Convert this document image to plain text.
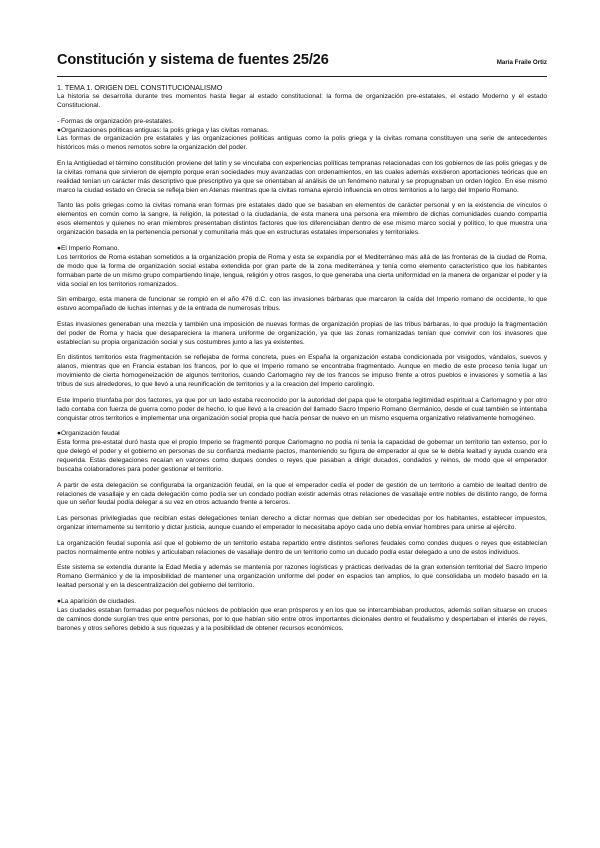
Constitución y sistema de fuentes 25/26	María Fraile Ortiz
1. TEMA 1. ORIGEN DEL CONSTITUCIONALISMO
La historia se desarrolla durante tres momentos hasta llegar al estado constitucional: la forma de organización pre-estatales, el estado Moderno y el estado Constitucional.
- Formas de organización pre-estatales.
●Organizaciones políticas antiguas: la polis griega y las civitas romanas.
Las formas de organización pre estatales y las organizaciones políticas antiguas como la polis griega y la civitas romana constituyen una serie de antecedentes históricos más o menos remotos sobre la organización del poder.
En la Antigüedad el término constitución proviene del latín y se vinculaba con experiencias políticas tempranas relacionadas con los gobiernos de las polis griegas y de la civitas romana que sirvieron de ejemplo porque eran sociedades muy avanzadas con ordenamientos, en las cuales además existieron aportaciones teóricas que en realidad tenían un carácter más descriptivo que prescriptivo ya que se orientaban al análisis de un fenómeno natural y se propugnaban un orden lógico. En ese mismo marco la ciudad estado en Grecia se refleja bien en Atenas mientras que la civitas romana ejerció influencia en otros territorios a lo largo del Imperio Romano.
Tanto las polis griegas como la civitas romana eran formas pre estatales dado que se basaban en elementos de carácter personal y en la existencia de vínculos o elementos en común como la sangre, la religión, la potestad o la ciudadanía, de esta manera una persona era miembro de dichas comunidades cuando compartía esos elementos y quienes no eran miembros presentaban distintos factores que los diferenciaban dentro de ese mismo marco social y político, lo que muestra una organización basada en la pertenencia personal y comunitaria más que en estructuras estatales impersonales y territoriales.
●El Imperio Romano.
Los territorios de Roma estaban sometidos a la organización propia de Roma y esta se expandía por el Mediterráneo más allá de las fronteras de la ciudad de Roma, de modo que la forma de organización social estaba extendida por gran parte de la zona mediterránea y tenía como elemento característico que los habitantes formaban parte de un mismo grupo compartiendo linaje, lengua, religión y otros rasgos, lo que generaba una cierta uniformidad en la manera de organizar el poder y la vida social en los territorios romanizados.
Sin embargo, esta manera de funcionar se rompió en el año 476 d.C. con las invasiones bárbaras que marcaron la caída del Imperio romano de occidente, lo que estuvo acompañado de luchas internas y de la entrada de numerosas tribus.
Estas invasiones generaban una mezcla y también una imposición de nuevas formas de organización propias de las tribus bárbaras, lo que produjo la fragmentación del poder de Roma y hacia que desapareciera la manera uniforme de organización, ya que las zonas romanizadas tenían que convivir con los invasores que establecían su propia organización social y sus costumbres junto a las ya existentes.
En distintos territorios esta fragmentación se reflejaba de forma concreta, pues en España la organización estaba condicionada por visigodos, vándalos, suevos y alanos, mientras que en Francia estaban los francos, por lo que el Imperio romano se encontraba fragmentado. Aunque en medio de este proceso tenía lugar un movimiento de cierta homogeneización de algunos territorios, cuando Carlomagno rey de los francos se impuso frente a otros pueblos e invasores y sometía a las tribus de sus alrededores, lo que llevó a una reunificación de territorios y a la creación del Imperio carolingio.
Este Imperio triunfaba por dos factores, ya que por un lado estaba reconocido por la autoridad del papa que le otorgaba legitimidad espiritual a Carlomagno y por otro lado contaba con fuerza de guerra como poder de hecho, lo que llevó a la creación del llamado Sacro Imperio Romano Germánico, desde el cual también se intentaba conquistar otros territorios e implementar una organización social propia que hacía pensar de nuevo en un mismo esquema organizativo relativamente homogéneo.
●Organización feudal
Esta forma pre-estatal duró hasta que el propio Imperio se fragmentó porque Carlomagno no podía ni tenía la capacidad de gobernar un territorio tan extenso, por lo que delegó el poder y el gobierno en personas de su confianza mediante pactos, manteniendo su figura de emperador al que se le debía lealtad y ayuda cuando era requerida. Estas delegaciones recaían en varones como duques condes o reyes que pasaban a dirigir ducados, condados y reinos, de modo que el emperador buscaba colaboradores para poder gestionar el territorio.
A partir de esta delegación se configuraba la organización feudal, en la que el emperador cedía el poder de gestión de un territorio a cambio de lealtad dentro de relaciones de vasallaje y en cada delegación como podía ser un condado podían existir además otras relaciones de vasallaje entre nobles de distinto rango, de forma que un señor feudal podía delegar a su vez en otros actuando frente a terceros.
Las personas privilegiadas que recibían estas delegaciones tenían derecho a dictar normas que debían ser obedecidas por los habitantes, establecer impuestos, organizar internamente su territorio y dictar justicia, aunque cuando el emperador lo necesitaba apoyo cada uno debía enviar hombres para unirse al ejército.
La organización feudal suponía así que el gobierno de un territorio estaba repartido entre distintos señores feudales como condes duques o reyes que establecían pactos normalmente entre nobles y articulaban relaciones de vasallaje dentro de un territorio como un ducado podía estar delegado a uno de estos individuos.
Este sistema se extendía durante la Edad Media y además se mantenía por razones logísticas y prácticas derivadas de la gran extensión territorial del Sacro Imperio Romano Germánico y de la imposibilidad de mantener una organización uniforme del poder en espacios tan amplios, lo que consolidaba un modelo basado en la lealtad personal y en la descentralización del gobierno del territorio.
●La aparición de ciudades.
Las ciudades estaban formadas por pequeños núcleos de población que eran prósperos y en los que se intercambiaban productos, además solían situarse en cruces de caminos donde surgían tres que entre personas, por lo que habían sitio entre otros importantes dicionales dentro el feudalismo y despertaban el interés de reyes, barones y otros señores debido a sus riquezas y a la posibilidad de obtener recursos económicos.
